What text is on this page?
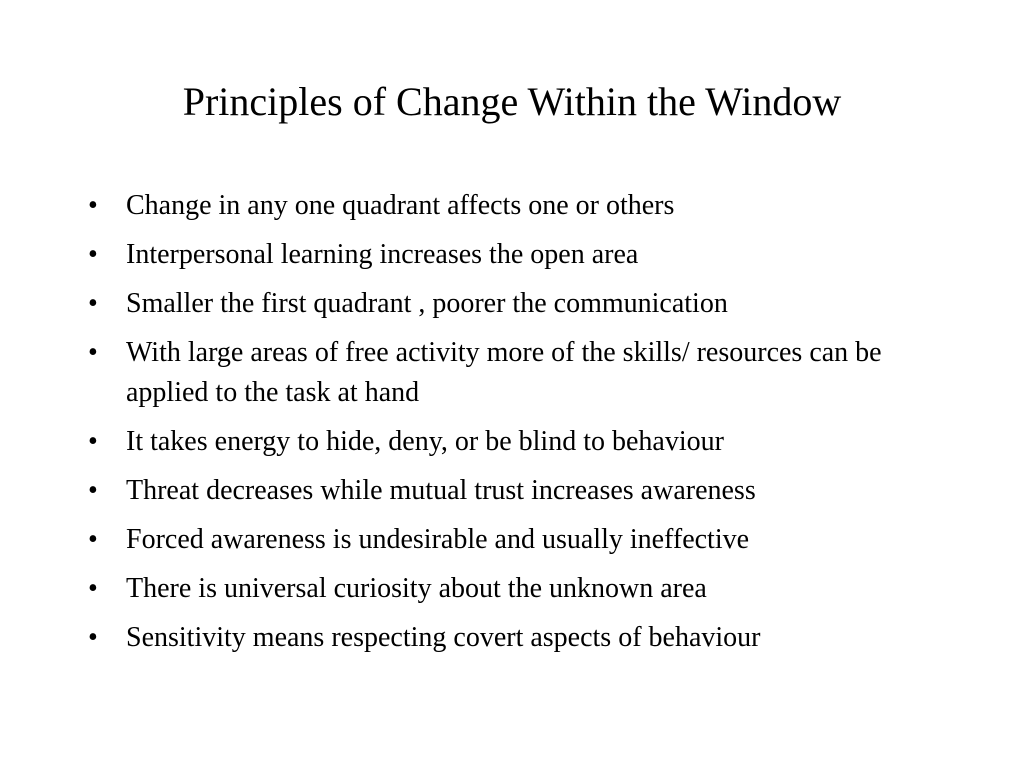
Principles of Change Within the Window
•	Change in any one quadrant affects one or others
•	Interpersonal learning increases the open area
•	Smaller the first quadrant , poorer the communication
•	With large areas of free activity more of the skills/ resources can be applied to the task at hand
•	It takes energy to hide, deny, or be blind to behaviour
•	Threat decreases while mutual trust increases awareness
•	Forced awareness is undesirable and usually ineffective
•	There is universal curiosity about the unknown area
•	Sensitivity means respecting covert aspects of behaviour
